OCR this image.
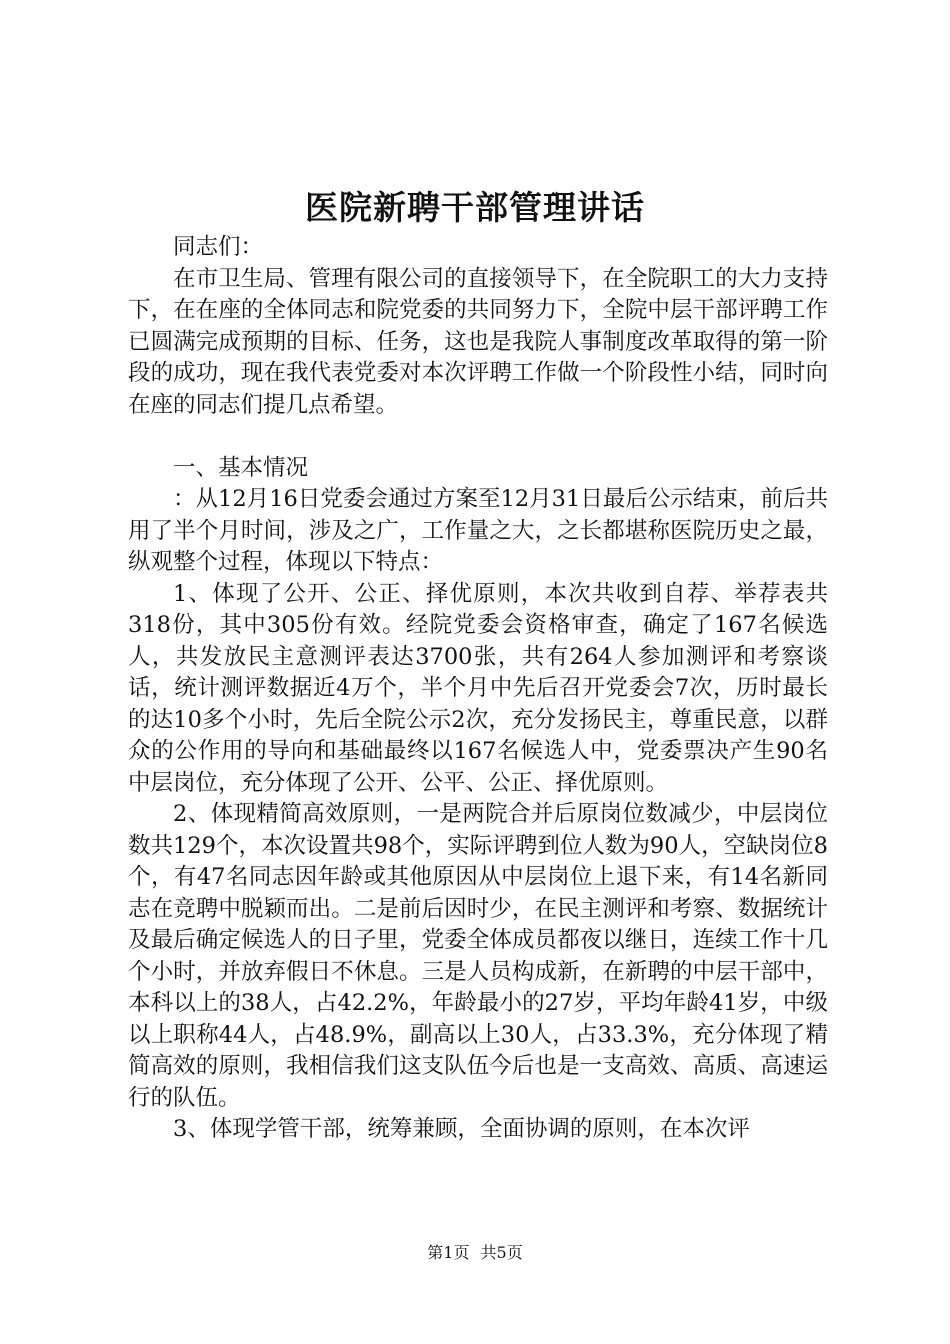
医院新聘干部管理讲话

同志们：

在市卫生局、管理有限公司的直接领导下，在全院职工的大力支持下，在在座的全体同志和院党委的共同努力下，全院中层干部评聘工作已圆满完成预期的目标、任务，这也是我院人事制度改革取得的第一阶段的成功，现在我代表党委对本次评聘工作做一个阶段性小结，同时向在座的同志们提几点希望。

一、基本情况

：从12月16日党委会通过方案至12月31日最后公示结束，前后共用了半个月时间，涉及之广，工作量之大，之长都堪称医院历史之最，纵观整个过程，体现以下特点：

1、体现了公开、公正、择优原则，本次共收到自荐、举荐表共318份，其中305份有效。经院党委会资格审查，确定了167名候选人，共发放民主意测评表达3700张，共有264人参加测评和考察谈话，统计测评数据近4万个，半个月中先后召开党委会7次，历时最长的达10多个小时，先后全院公示2次，充分发扬民主，尊重民意，以群众的公作用的导向和基础最终以167名候选人中，党委票决产生90名中层岗位，充分体现了公开、公平、公正、择优原则。

2、体现精简高效原则，一是两院合并后原岗位数减少，中层岗位数共129个，本次设置共98个，实际评聘到位人数为90人，空缺岗位8个，有47名同志因年龄或其他原因从中层岗位上退下来，有14名新同志在竞聘中脱颖而出。二是前后因时少，在民主测评和考察、数据统计及最后确定候选人的日子里，党委全体成员都夜以继日，连续工作十几个小时，并放弃假日不休息。三是人员构成新，在新聘的中层干部中，本科以上的38人，占42.2%，年龄最小的27岁，平均年龄41岁，中级以上职称44人，占48.9%，副高以上30人，占33.3%，充分体现了精简高效的原则，我相信我们这支队伍今后也是一支高效、高质、高速运行的队伍。

3、体现学管干部，统筹兼顾，全面协调的原则，在本次评

第1页 共5页
